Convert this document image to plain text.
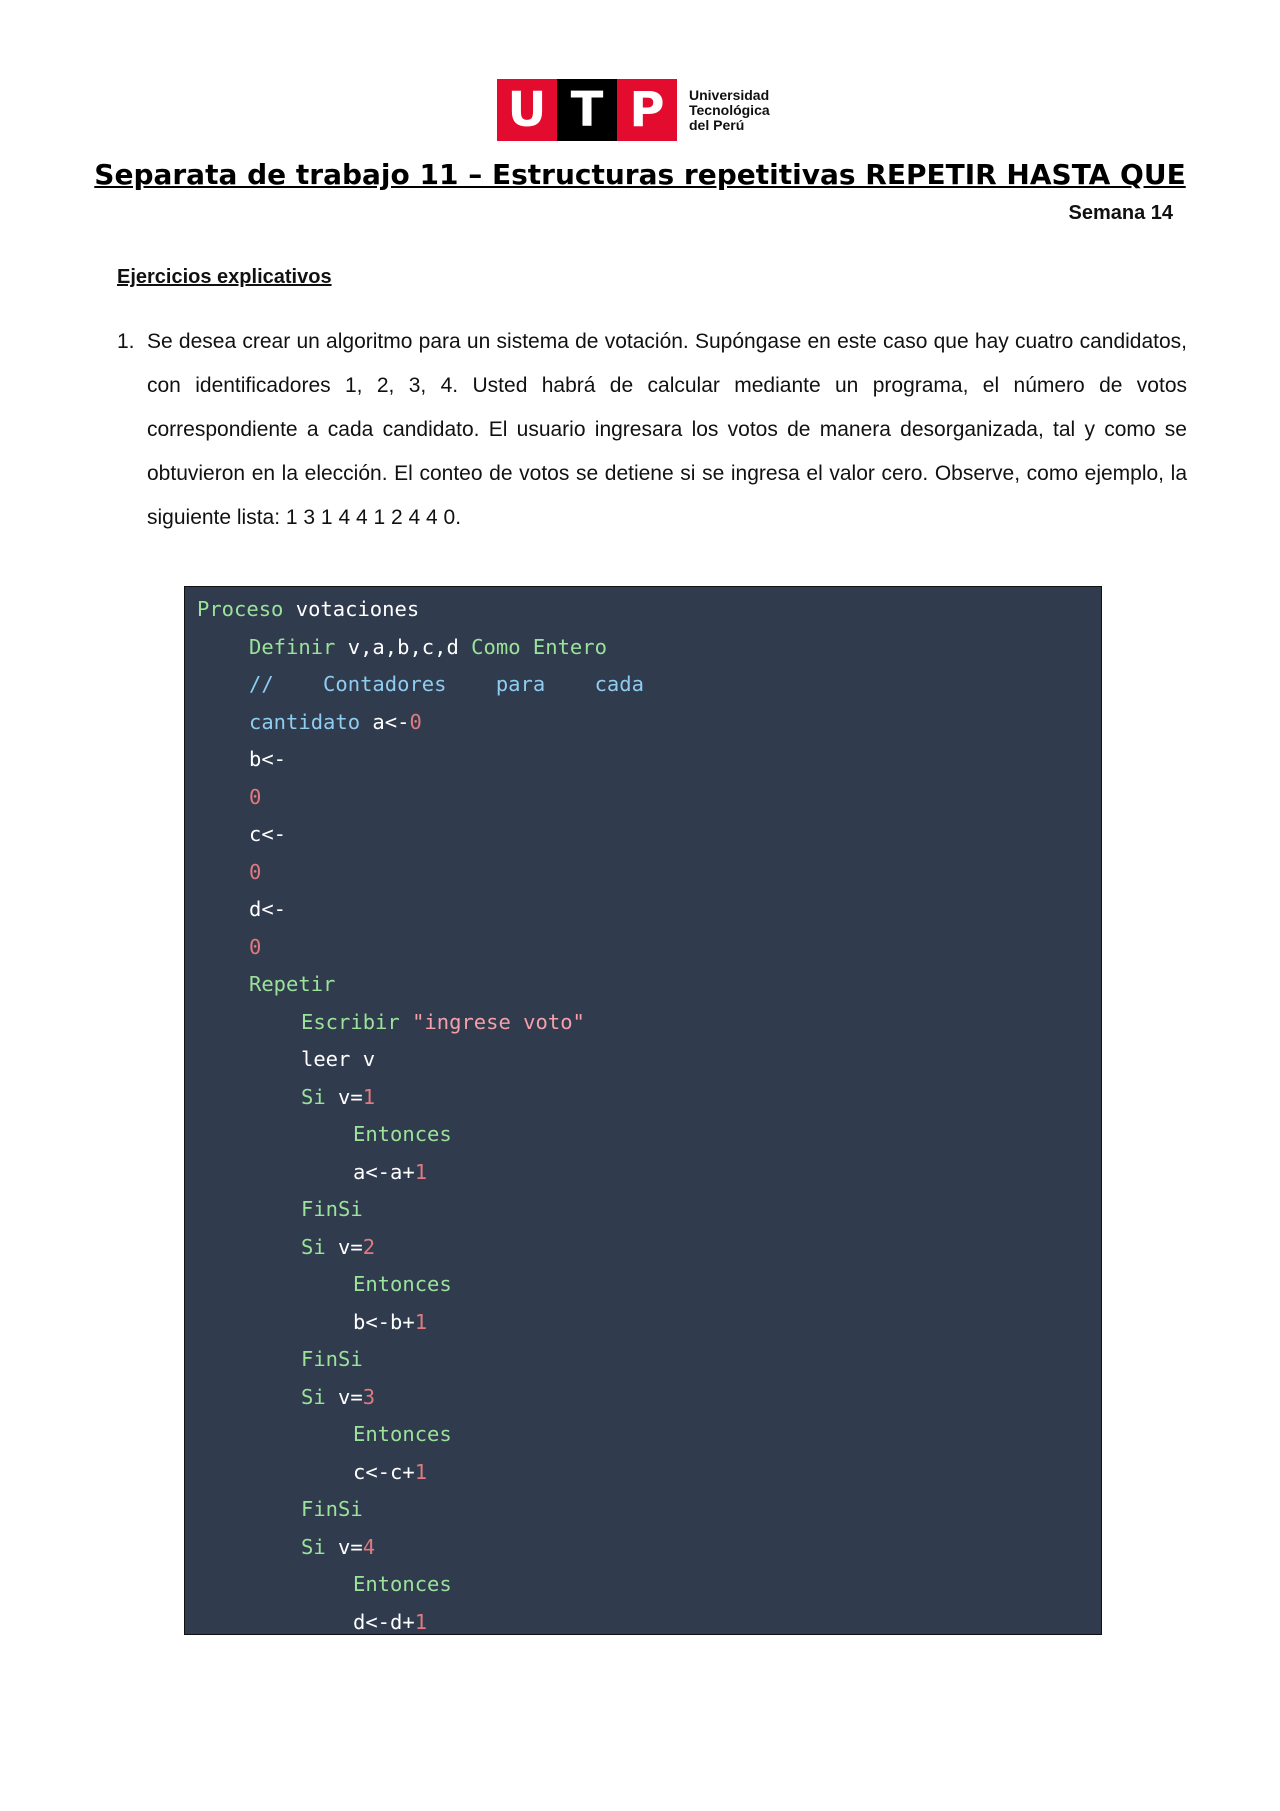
U T P	Universidad
Tecnológica
del Perú
Separata de trabajo 11 – Estructuras repetitivas REPETIR HASTA QUE
Semana 14
Ejercicios explicativos
1. Se desea crear un algoritmo para un sistema de votación. Supóngase en este caso que hay cuatro candidatos, con identificadores 1, 2, 3, 4. Usted habrá de calcular mediante un programa, el número de votos correspondiente a cada candidato. El usuario ingresara los votos de manera desorganizada, tal y como se obtuvieron en la elección. El conteo de votos se detiene si se ingresa el valor cero. Observe, como ejemplo, la siguiente lista: 1 3 1 4 4 1 2 4 4 0.
Proceso votaciones
Definir v,a,b,c,d Como Entero
//    Contadores    para    cada
cantidato a<-0
b<-
0
c<-
0
d<-
0
Repetir
Escribir "ingrese voto"
leer v
Si v=1
Entonces
a<-a+1
FinSi
Si v=2
Entonces
b<-b+1
FinSi
Si v=3
Entonces
c<-c+1
FinSi
Si v=4
Entonces
d<-d+1
